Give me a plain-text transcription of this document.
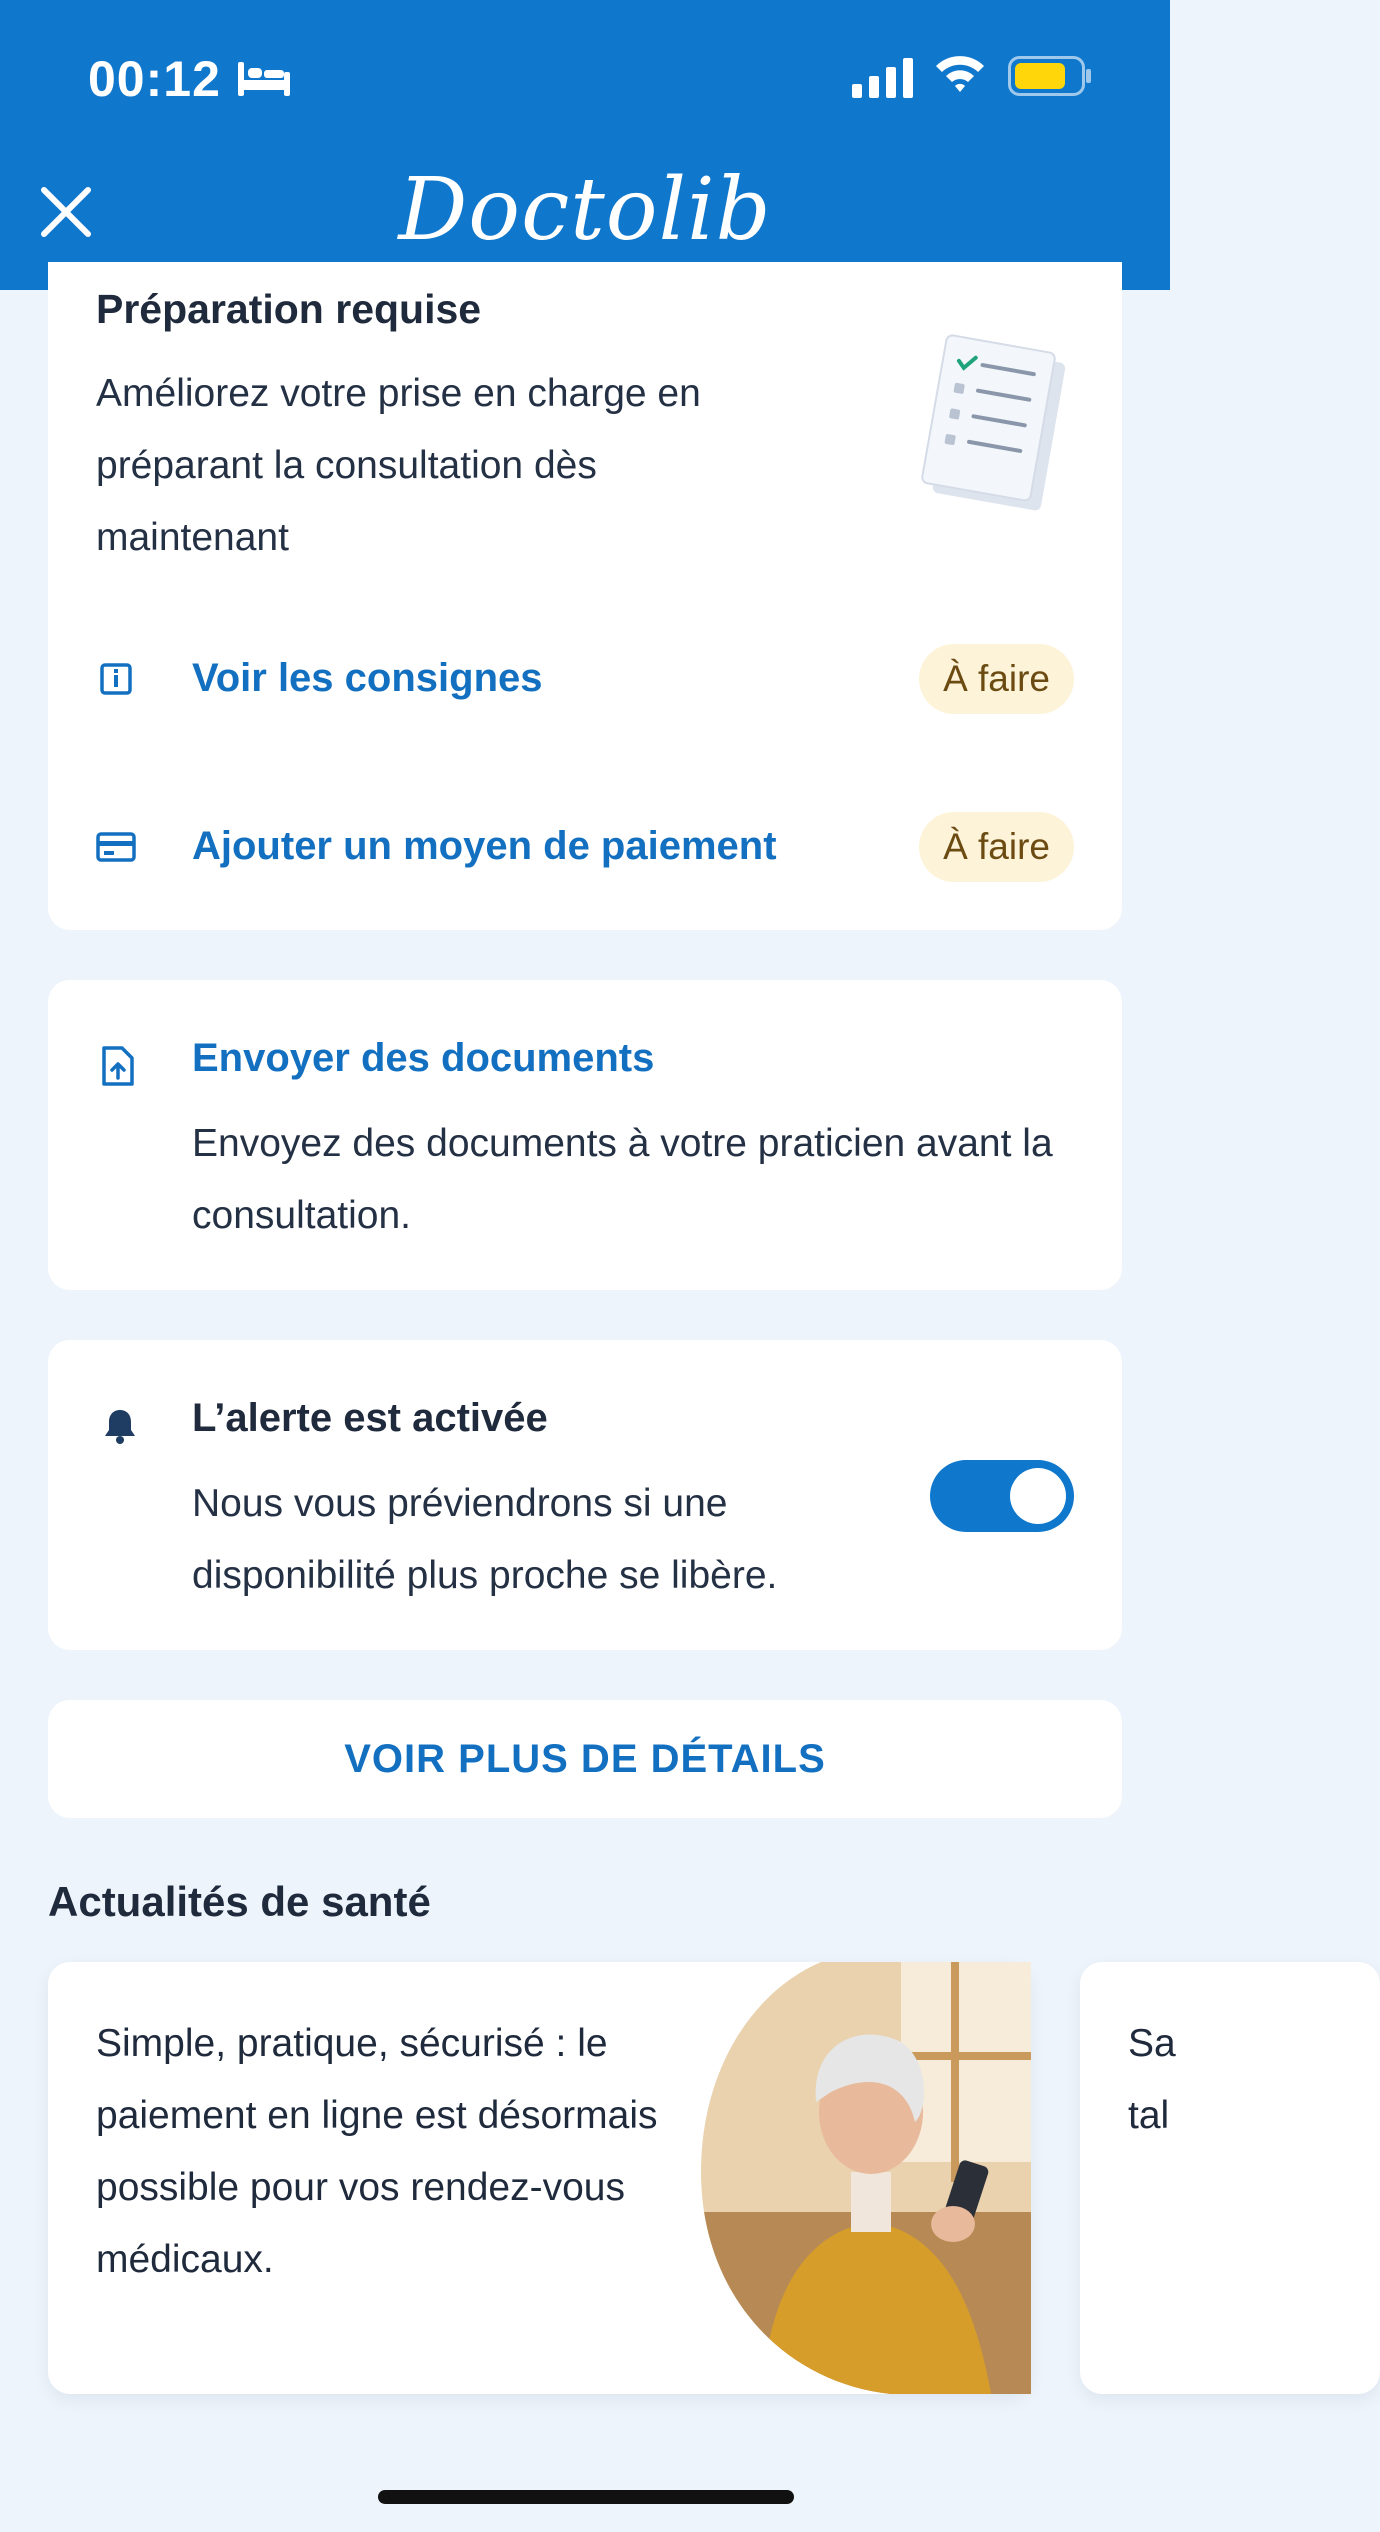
00:12
Doctolib
Préparation requise
Améliorez votre prise en charge en préparant la consultation dès maintenant
Voir les consignes	À faire
Ajouter un moyen de paiement	À faire
Envoyer des documents
Envoyez des documents à votre praticien avant la consultation.
L’alerte est activée
Nous vous préviendrons si une disponibilité plus proche se libère.
VOIR PLUS DE DÉTAILS
Actualités de santé
Simple, pratique, sécurisé : le paiement en ligne est désormais possible pour vos rendez-vous médicaux.
Sa tal
